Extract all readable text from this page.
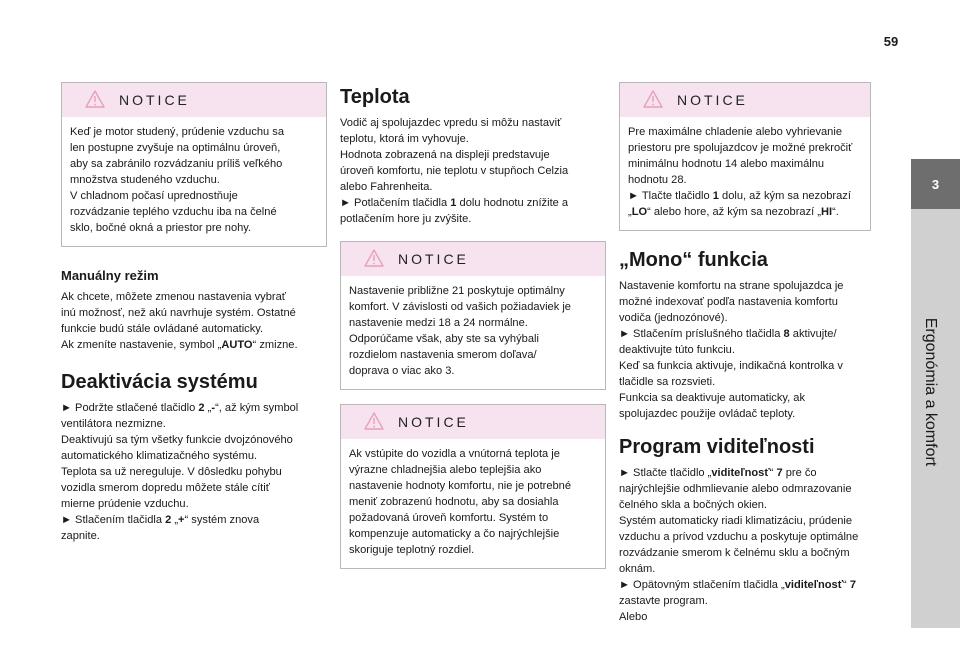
59
3
Ergonómia a komfort
NOTICE
Keď je motor studený, prúdenie vzduchu sa
len postupne zvyšuje na optimálnu úroveň,
aby sa zabránilo rozvádzaniu príliš veľkého
množstva studeného vzduchu.
V chladnom počasí uprednostňuje
rozvádzanie teplého vzduchu iba na čelné
sklo, bočné okná a priestor pre nohy.
Manuálny režim
Ak chcete, môžete zmenou nastavenia vybrať
inú možnosť, než akú navrhuje systém. Ostatné
funkcie budú stále ovládané automaticky.
Ak zmeníte nastavenie, symbol „AUTO“ zmizne.
Deaktivácia systému
► Podržte stlačené tlačidlo 2 „-“, až kým symbol
ventilátora nezmizne.
Deaktivujú sa tým všetky funkcie dvojzónového
automatického klimatizačného systému.
Teplota sa už nereguluje. V dôsledku pohybu
vozidla smerom dopredu môžete stále cítiť
mierne prúdenie vzduchu.
► Stlačením tlačidla 2 „+“ systém znova
zapnite.
Teplota
Vodič aj spolujazdec vpredu si môžu nastaviť
teplotu, ktorá im vyhovuje.
Hodnota zobrazená na displeji predstavuje
úroveň komfortu, nie teplotu v stupňoch Celzia
alebo Fahrenheita.
► Potlačením tlačidla 1 dolu hodnotu znížite a
potlačením hore ju zvýšite.
NOTICE
Nastavenie približne 21 poskytuje optimálny
komfort. V závislosti od vašich požiadaviek je
nastavenie medzi 18 a 24 normálne.
Odporúčame však, aby ste sa vyhýbali
rozdielom nastavenia smerom doľava/
doprava o viac ako 3.
NOTICE
Ak vstúpite do vozidla a vnútorná teplota je
výrazne chladnejšia alebo teplejšia ako
nastavenie hodnoty komfortu, nie je potrebné
meniť zobrazenú hodnotu, aby sa dosiahla
požadovaná úroveň komfortu. Systém to
kompenzuje automaticky a čo najrýchlejšie
skoriguje teplotný rozdiel.
NOTICE
Pre maximálne chladenie alebo vyhrievanie
priestoru pre spolujazdcov je možné prekročiť
minimálnu hodnotu 14 alebo maximálnu
hodnotu 28.
► Tlačte tlačidlo 1 dolu, až kým sa nezobrazí
„LO“ alebo hore, až kým sa nezobrazí „HI“.
„Mono“ funkcia
Nastavenie komfortu na strane spolujazdca je
možné indexovať podľa nastavenia komfortu
vodiča (jednozónové).
► Stlačením príslušného tlačidla 8 aktivujte/
deaktivujte túto funkciu.
Keď sa funkcia aktivuje, indikačná kontrolka v
tlačidle sa rozsvieti.
Funkcia sa deaktivuje automaticky, ak
spolujazdec použije ovládač teploty.
Program viditeľnosti
► Stlačte tlačidlo „viditeľnosť“ 7 pre čo
najrýchlejšie odhmlievanie alebo odmrazovanie
čelného skla a bočných okien.
Systém automaticky riadi klimatizáciu, prúdenie
vzduchu a prívod vzduchu a poskytuje optimálne
rozvádzanie smerom k čelnému sklu a bočným
oknám.
► Opätovným stlačením tlačidla „viditeľnosť“ 7
zastavte program.
Alebo
